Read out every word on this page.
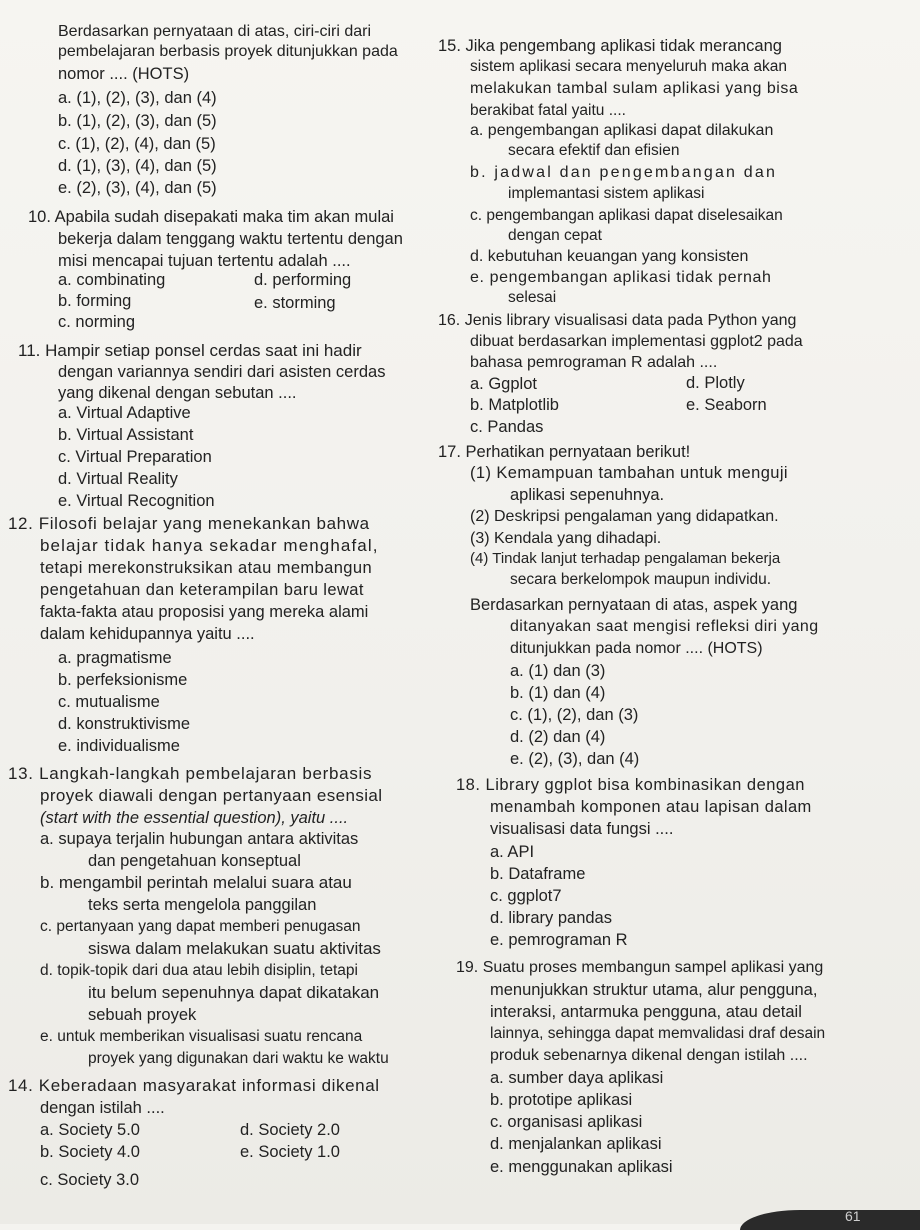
Berdasarkan pernyataan di atas, ciri-ciri dari
pembelajaran berbasis proyek ditunjukkan pada
nomor .... (HOTS)
a. (1), (2), (3), dan (4)
b. (1), (2), (3), dan (5)
c. (1), (2), (4), dan (5)
d. (1), (3), (4), dan (5)
e. (2), (3), (4), dan (5)
10. Apabila sudah disepakati maka tim akan mulai
bekerja dalam tenggang waktu tertentu dengan
misi mencapai tujuan tertentu adalah ....
a. combinating	d. performing
b. forming	e. storming
c. norming
11. Hampir setiap ponsel cerdas saat ini hadir
dengan variannya sendiri dari asisten cerdas
yang dikenal dengan sebutan ....
a. Virtual Adaptive
b. Virtual Assistant
c. Virtual Preparation
d. Virtual Reality
e. Virtual Recognition
12. Filosofi belajar yang menekankan bahwa
belajar tidak hanya sekadar menghafal,
tetapi merekonstruksikan atau membangun
pengetahuan dan keterampilan baru lewat
fakta-fakta atau proposisi yang mereka alami
dalam kehidupannya yaitu ....
a. pragmatisme
b. perfeksionisme
c. mutualisme
d. konstruktivisme
e. individualisme
13. Langkah-langkah pembelajaran berbasis
proyek diawali dengan pertanyaan esensial
(start with the essential question), yaitu ....
a. supaya terjalin hubungan antara aktivitas
dan pengetahuan konseptual
b. mengambil perintah melalui suara atau
teks serta mengelola panggilan
c. pertanyaan yang dapat memberi penugasan
siswa dalam melakukan suatu aktivitas
d. topik-topik dari dua atau lebih disiplin, tetapi
itu belum sepenuhnya dapat dikatakan
sebuah proyek
e. untuk memberikan visualisasi suatu rencana
proyek yang digunakan dari waktu ke waktu
14. Keberadaan masyarakat informasi dikenal
dengan istilah ....
a. Society 5.0	d. Society 2.0
b. Society 4.0	e. Society 1.0
c. Society 3.0
15. Jika pengembang aplikasi tidak merancang
sistem aplikasi secara menyeluruh maka akan
melakukan tambal sulam aplikasi yang bisa
berakibat fatal yaitu ....
a. pengembangan aplikasi dapat dilakukan
secara efektif dan efisien
b. jadwal dan pengembangan dan
implemantasi sistem aplikasi
c. pengembangan aplikasi dapat diselesaikan
dengan cepat
d. kebutuhan keuangan yang konsisten
e. pengembangan aplikasi tidak pernah
selesai
16. Jenis library visualisasi data pada Python yang
dibuat berdasarkan implementasi ggplot2 pada
bahasa pemrograman R adalah ....
a. Ggplot	d. Plotly
b. Matplotlib	e. Seaborn
c. Pandas
17. Perhatikan pernyataan berikut!
(1) Kemampuan tambahan untuk menguji
aplikasi sepenuhnya.
(2) Deskripsi pengalaman yang didapatkan.
(3) Kendala yang dihadapi.
(4) Tindak lanjut terhadap pengalaman bekerja
secara berkelompok maupun individu.
Berdasarkan pernyataan di atas, aspek yang
ditanyakan saat mengisi refleksi diri yang
ditunjukkan pada nomor .... (HOTS)
a. (1) dan (3)
b. (1) dan (4)
c. (1), (2), dan (3)
d. (2) dan (4)
e. (2), (3), dan (4)
18. Library ggplot bisa kombinasikan dengan
menambah komponen atau lapisan dalam
visualisasi data fungsi ....
a. API
b. Dataframe
c. ggplot7
d. library pandas
e. pemrograman R
19. Suatu proses membangun sampel aplikasi yang
menunjukkan struktur utama, alur pengguna,
interaksi, antarmuka pengguna, atau detail
lainnya, sehingga dapat memvalidasi draf desain
produk sebenarnya dikenal dengan istilah ....
a. sumber daya aplikasi
b. prototipe aplikasi
c. organisasi aplikasi
d. menjalankan aplikasi
e. menggunakan aplikasi
61
